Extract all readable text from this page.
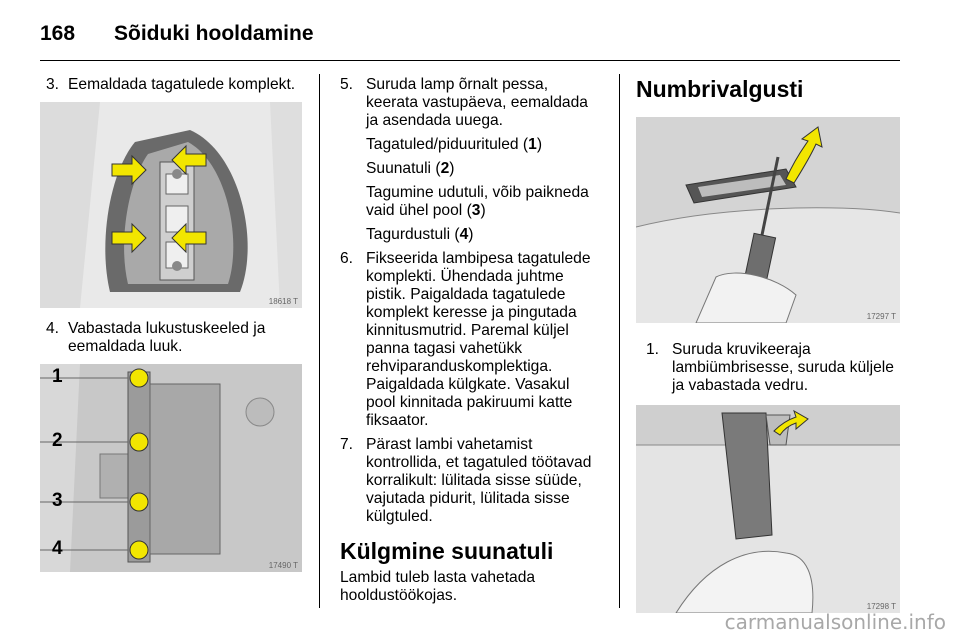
168 Sõiduki hooldamine
3. Eemaldada tagatulede komplekt.
18618 T
4. Vabastada lukustuskeeled ja eemaldada luuk.
1
2
3
4
17490 T
5. Suruda lamp õrnalt pessa, keerata vastupäeva, eemaldada ja asendada uuega.
Tagatuled/piduurituled (1)
Suunatuli (2)
Tagumine udutuli, võib paikneda vaid ühel pool (3)
Tagurdustuli (4)
6. Fikseerida lambipesa tagatulede komplekti. Ühendada juhtme pistik. Paigaldada tagatulede komplekt keresse ja pingutada kinnitusmutrid. Paremal küljel panna tagasi vahetükk rehviparanduskomplektiga. Paigaldada külgkate. Vasakul pool kinnitada pakiruumi katte fiksaator.
7. Pärast lambi vahetamist kontrollida, et tagatuled töötavad korralikult: lülitada sisse süüde, vajutada pidurit, lülitada sisse külgtuled.
Külgmine suunatuli
Lambid tuleb lasta vahetada hooldustöökojas.
Numbrivalgusti
17297 T
1. Suruda kruvikeeraja lambiümbrisesse, suruda küljele ja vabastada vedru.
17298 T
carmanualsonline.info
